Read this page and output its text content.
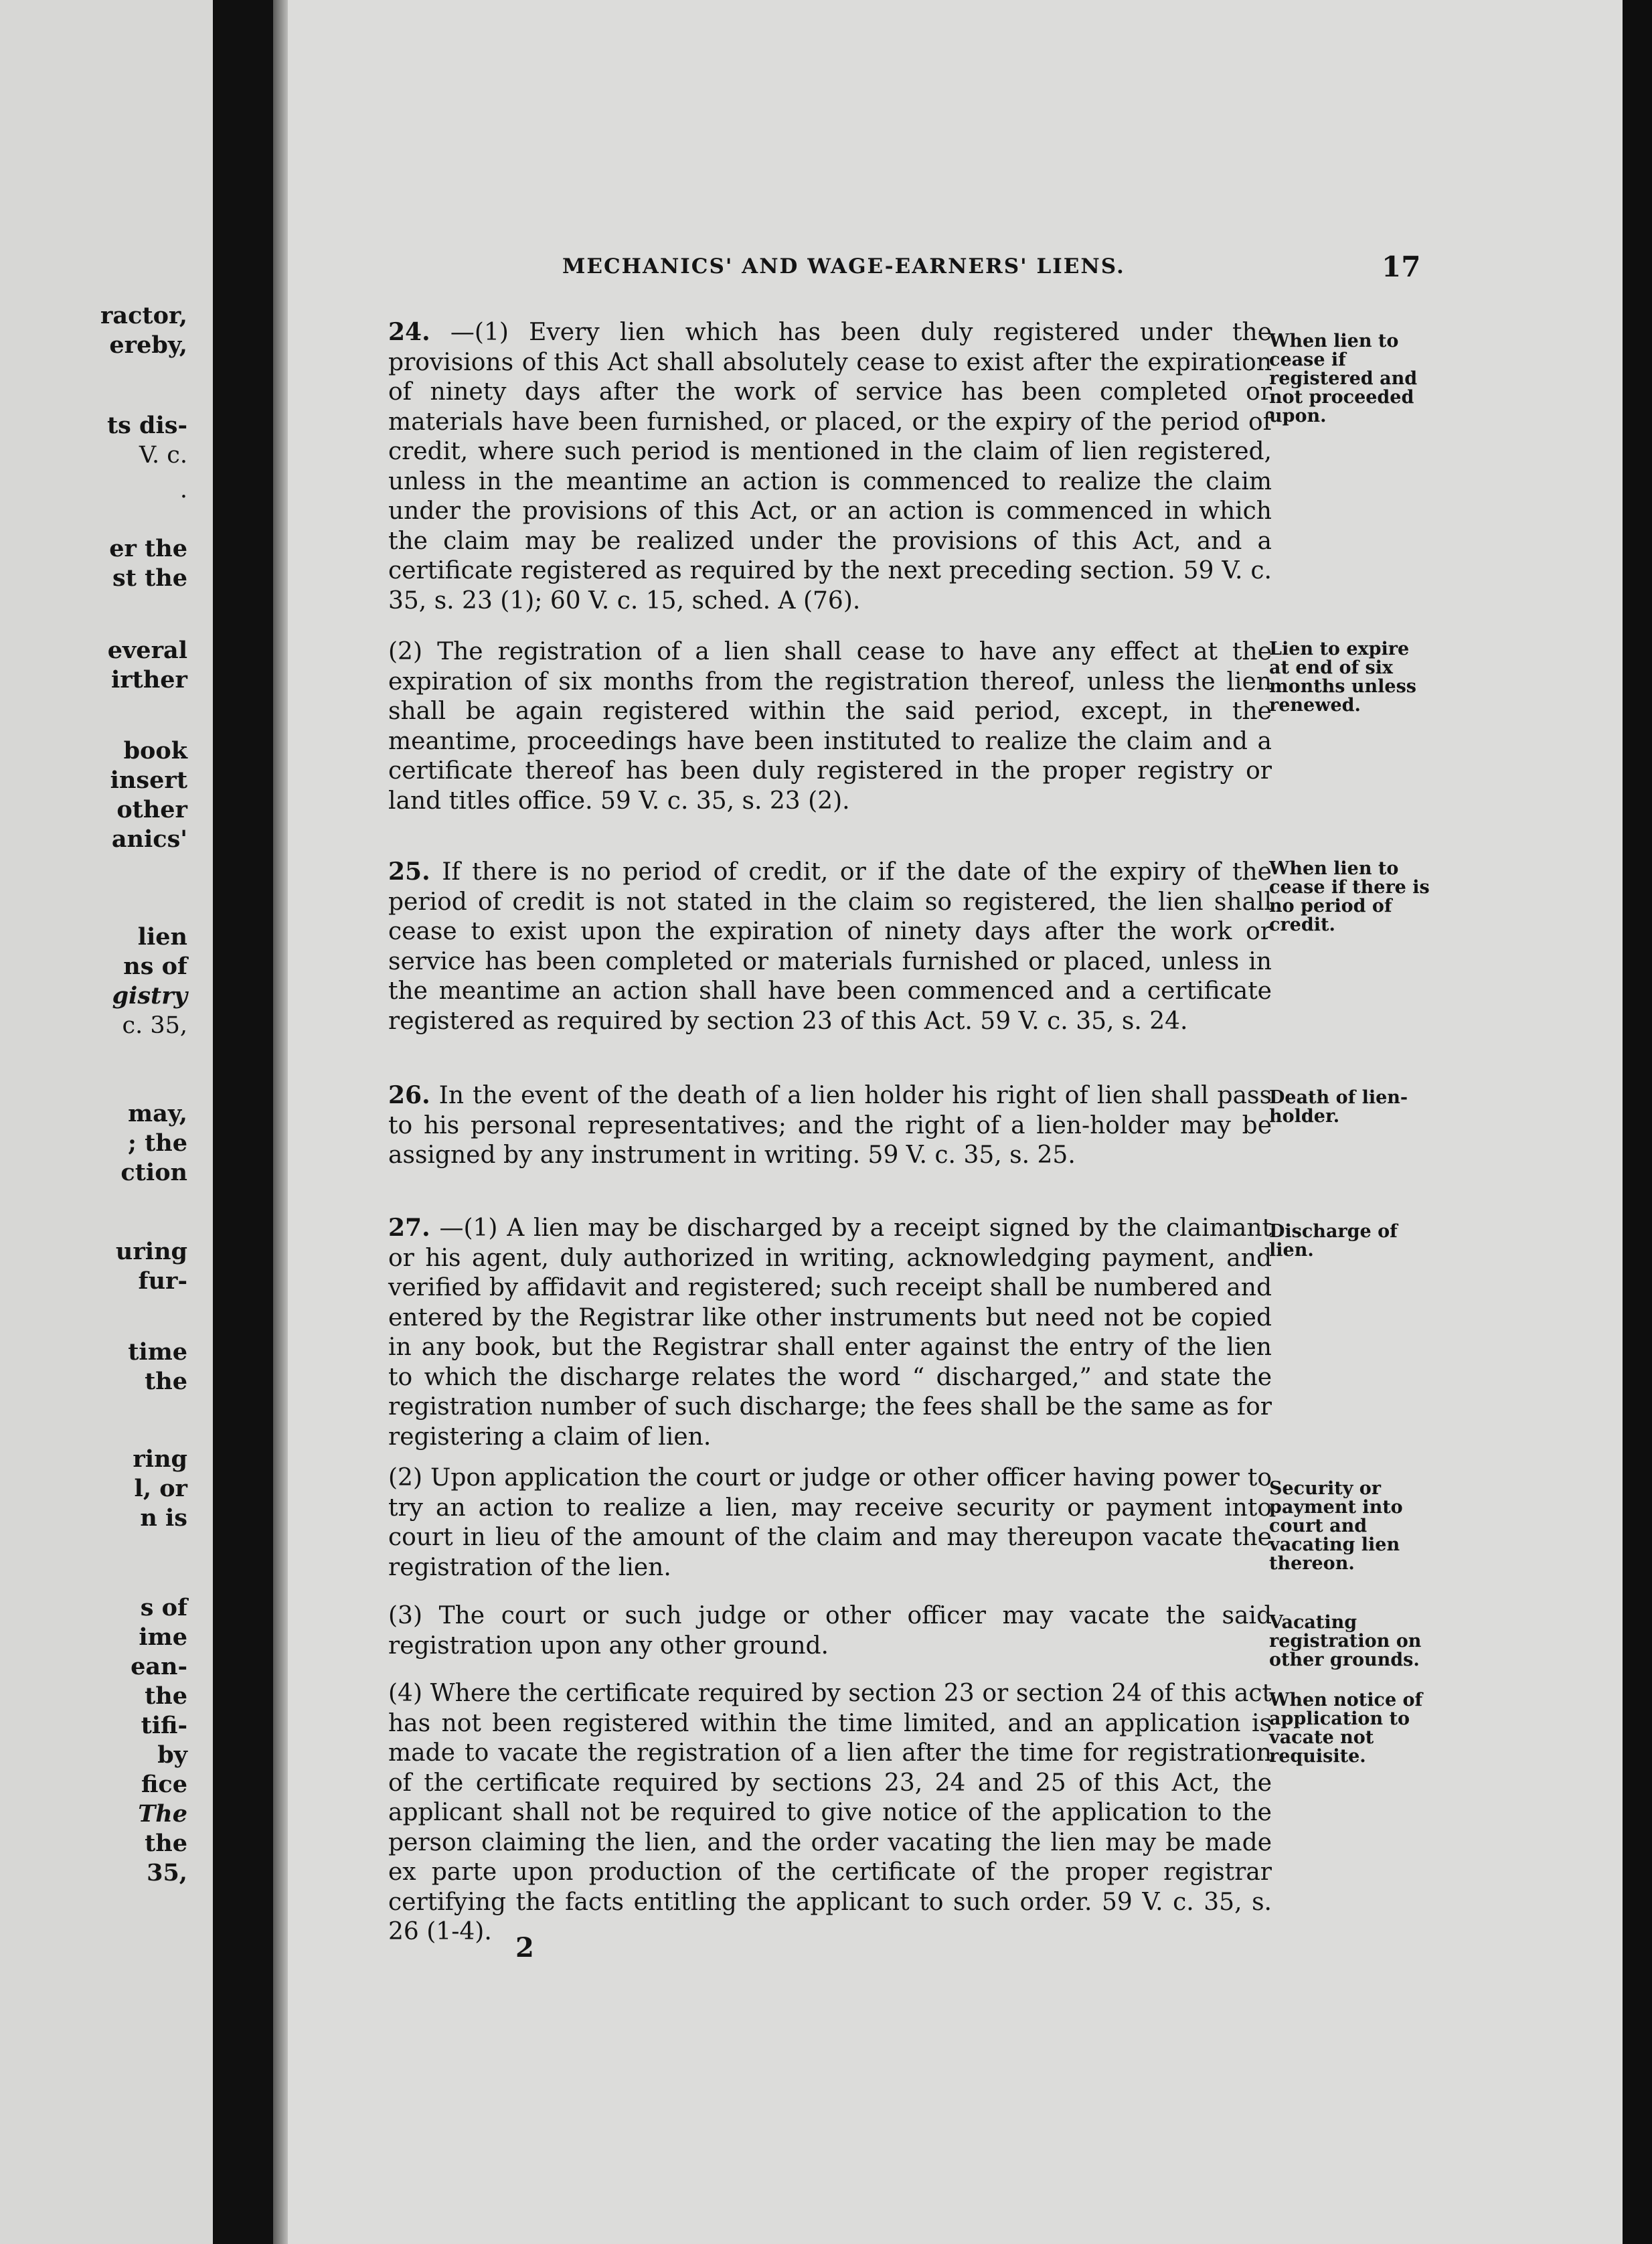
ractor,
ereby,
ts dis-
V. c.
.
er the
st the
everal
irther
book
insert
other
anics'
lien
ns of
gistry
c. 35,
may,
; the
ction
uring
fur-
time
the
ring
l, or
n is
s of
ime
ean-
the
tifi-
by
fice
The
the
35,
MECHANICS' AND WAGE-EARNERS' LIENS.	17
24. —(1) Every lien which has been duly registered under the provisions of this Act shall absolutely cease to exist after the expiration of ninety days after the work of service has been completed or materials have been furnished, or placed, or the expiry of the period of credit, where such period is mentioned in the claim of lien registered, unless in the meantime an action is commenced to realize the claim under the provisions of this Act, or an action is commenced in which the claim may be realized under the provisions of this Act, and a certificate registered as required by the next preceding section. 59 V. c. 35, s. 23 (1); 60 V. c. 15, sched. A (76).
When lien to cease if registered and not proceeded upon.
(2) The registration of a lien shall cease to have any effect at the expiration of six months from the registration thereof, unless the lien shall be again registered within the said period, except, in the meantime, proceedings have been instituted to realize the claim and a certificate thereof has been duly registered in the proper registry or land titles office. 59 V. c. 35, s. 23 (2).
Lien to expire at end of six months unless renewed.
25. If there is no period of credit, or if the date of the expiry of the period of credit is not stated in the claim so registered, the lien shall cease to exist upon the expiration of ninety days after the work or service has been completed or materials furnished or placed, unless in the meantime an action shall have been commenced and a certificate registered as required by section 23 of this Act. 59 V. c. 35, s. 24.
When lien to cease if there is no period of credit.
26. In the event of the death of a lien holder his right of lien shall pass to his personal representatives; and the right of a lien-holder may be assigned by any instrument in writing. 59 V. c. 35, s. 25.
Death of lien-holder.
27. —(1) A lien may be discharged by a receipt signed by the claimant or his agent, duly authorized in writing, acknowledging payment, and verified by affidavit and registered; such receipt shall be numbered and entered by the Registrar like other instruments but need not be copied in any book, but the Registrar shall enter against the entry of the lien to which the discharge relates the word “ discharged,” and state the registration number of such discharge; the fees shall be the same as for registering a claim of lien.
Discharge of lien.
(2) Upon application the court or judge or other officer having power to try an action to realize a lien, may receive security or payment into court in lieu of the amount of the claim and may thereupon vacate the registration of the lien.
Security or payment into court and vacating lien thereon.
(3) The court or such judge or other officer may vacate the said registration upon any other ground.
Vacating registration on other grounds.
(4) Where the certificate required by section 23 or section 24 of this act has not been registered within the time limited, and an application is made to vacate the registration of a lien after the time for registration of the certificate required by sections 23, 24 and 25 of this Act, the applicant shall not be required to give notice of the application to the person claiming the lien, and the order vacating the lien may be made ex parte upon production of the certificate of the proper registrar certifying the facts entitling the applicant to such order. 59 V. c. 35, s. 26 (1-4).
When notice of application to vacate not requisite.
2
